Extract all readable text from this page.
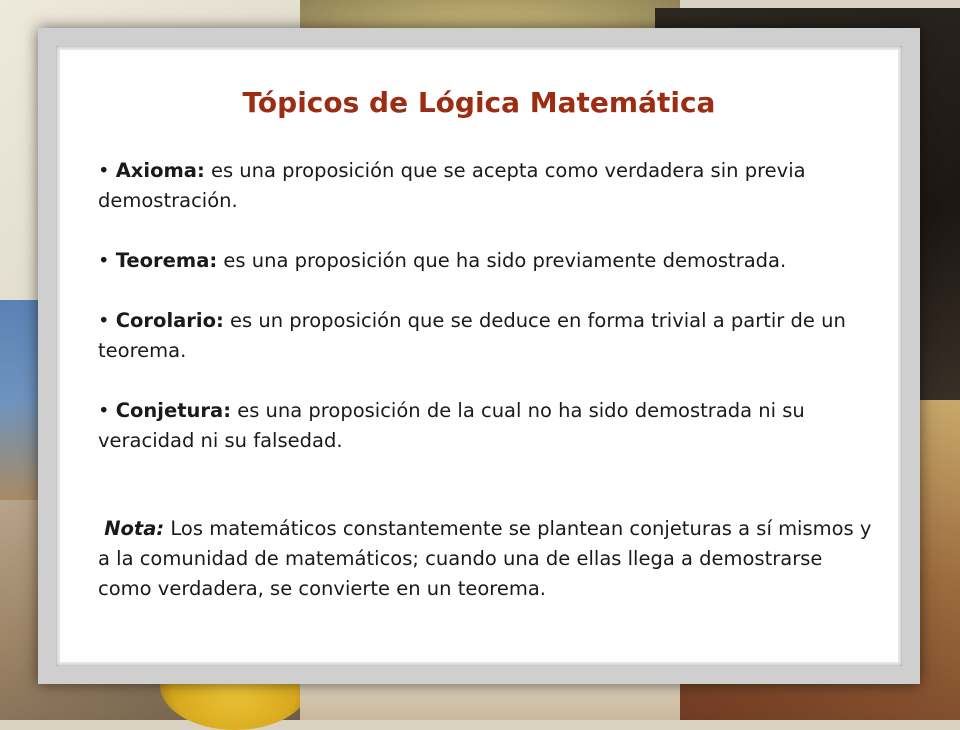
Tópicos de Lógica Matemática

• Axioma: es una proposición que se acepta como verdadera sin previa demostración.

• Teorema: es una proposición que ha sido previamente demostrada.

• Corolario: es un proposición que se deduce en forma trivial a partir de un teorema.

• Conjetura: es una proposición de la cual no ha sido demostrada ni su veracidad ni su falsedad.

Nota: Los matemáticos constantemente se plantean conjeturas a sí mismos y a la comunidad de matemáticos; cuando una de ellas llega a demostrarse como verdadera, se convierte en un teorema.
